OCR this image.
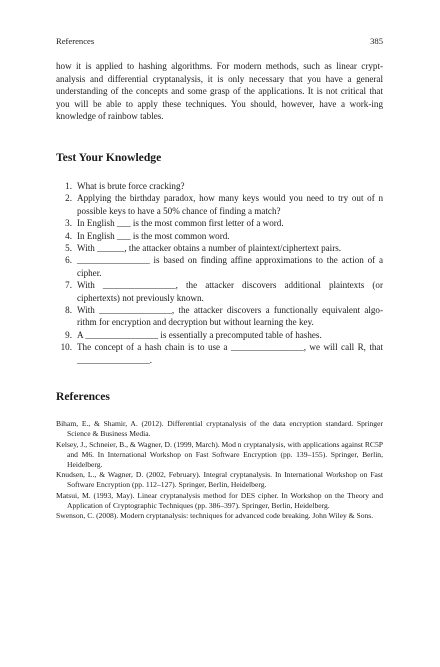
References	385

how it is applied to hashing algorithms. For modern methods, such as linear crypt-analysis and differential cryptanalysis, it is only necessary that you have a general understanding of the concepts and some grasp of the applications. It is not critical that you will be able to apply these techniques. You should, however, have a work-ing knowledge of rainbow tables.

Test Your Knowledge
1. What is brute force cracking?
2. Applying the birthday paradox, how many keys would you need to try out of n possible keys to have a 50% chance of finding a match?
3. In English ___ is the most common first letter of a word.
4. In English ___ is the most common word.
5. With ______, the attacker obtains a number of plaintext/ciphertext pairs.
6. ________________ is based on finding affine approximations to the action of a cipher.
7. With ________________, the attacker discovers additional plaintexts (or ciphertexts) not previously known.
8. With ________________, the attacker discovers a functionally equivalent algo-rithm for encryption and decryption but without learning the key.
9. A ________________ is essentially a precomputed table of hashes.
10. The concept of a hash chain is to use a ________________, we will call R, that ________________.
References
Biham, E., & Shamir, A. (2012). Differential cryptanalysis of the data encryption standard. Springer Science & Business Media.
Kelsey, J., Schneier, B., & Wagner, D. (1999, March). Mod n cryptanalysis, with applications against RC5P and M6. In International Workshop on Fast Software Encryption (pp. 139–155). Springer, Berlin, Heidelberg.
Knudsen, L., & Wagner, D. (2002, February). Integral cryptanalysis. In International Workshop on Fast Software Encryption (pp. 112–127). Springer, Berlin, Heidelberg.
Matsui, M. (1993, May). Linear cryptanalysis method for DES cipher. In Workshop on the Theory and Application of Cryptographic Techniques (pp. 386–397). Springer, Berlin, Heidelberg.
Swenson, C. (2008). Modern cryptanalysis: techniques for advanced code breaking. John Wiley & Sons.
